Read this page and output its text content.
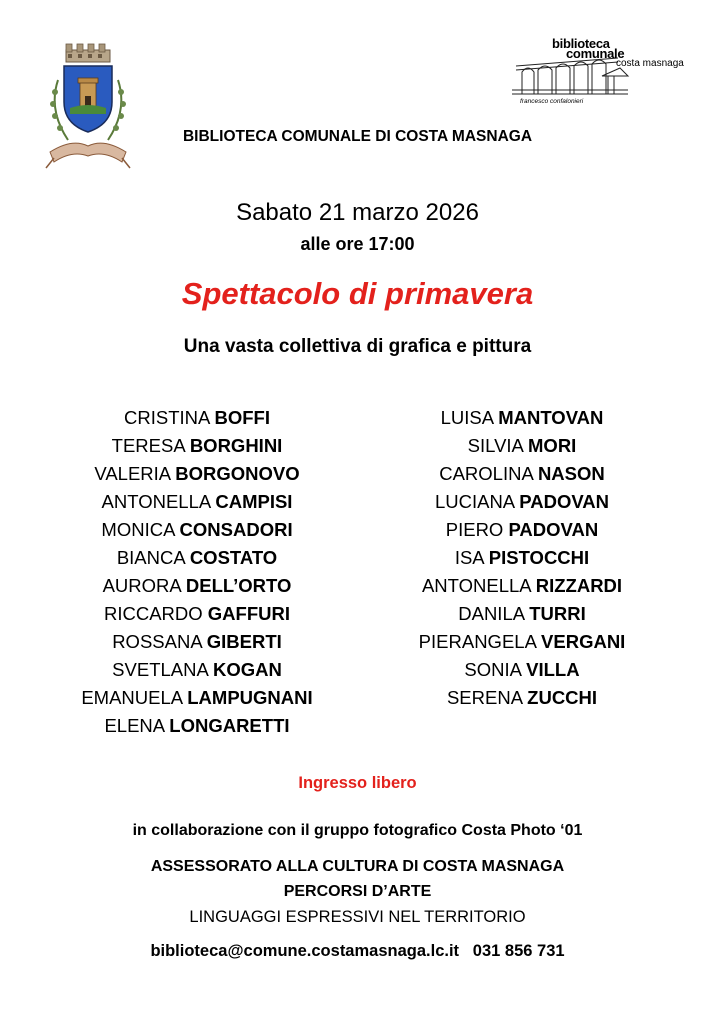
biblioteca
comunale
costa masnaga
francesco confalonieri
BIBLIOTECA COMUNALE DI COSTA MASNAGA
Sabato 21 marzo 2026
alle ore 17:00
Spettacolo di primavera
Una vasta collettiva di grafica e pittura
CRISTINA BOFFI
TERESA BORGHINI
VALERIA BORGONOVO
ANTONELLA CAMPISI
MONICA CONSADORI
BIANCA COSTATO
AURORA DELL’ORTO
RICCARDO GAFFURI
ROSSANA GIBERTI
SVETLANA KOGAN
EMANUELA LAMPUGNANI
ELENA LONGARETTI
LUISA MANTOVAN
SILVIA MORI
CAROLINA NASON
LUCIANA PADOVAN
PIERO PADOVAN
ISA PISTOCCHI
ANTONELLA RIZZARDI
DANILA TURRI
PIERANGELA VERGANI
SONIA VILLA
SERENA ZUCCHI
Ingresso libero
in collaborazione con il gruppo fotografico Costa Photo ‘01
ASSESSORATO ALLA CULTURA DI COSTA MASNAGA
PERCORSI D’ARTE
LINGUAGGI ESPRESSIVI NEL TERRITORIO
biblioteca@comune.costamasnaga.lc.it 031 856 731
